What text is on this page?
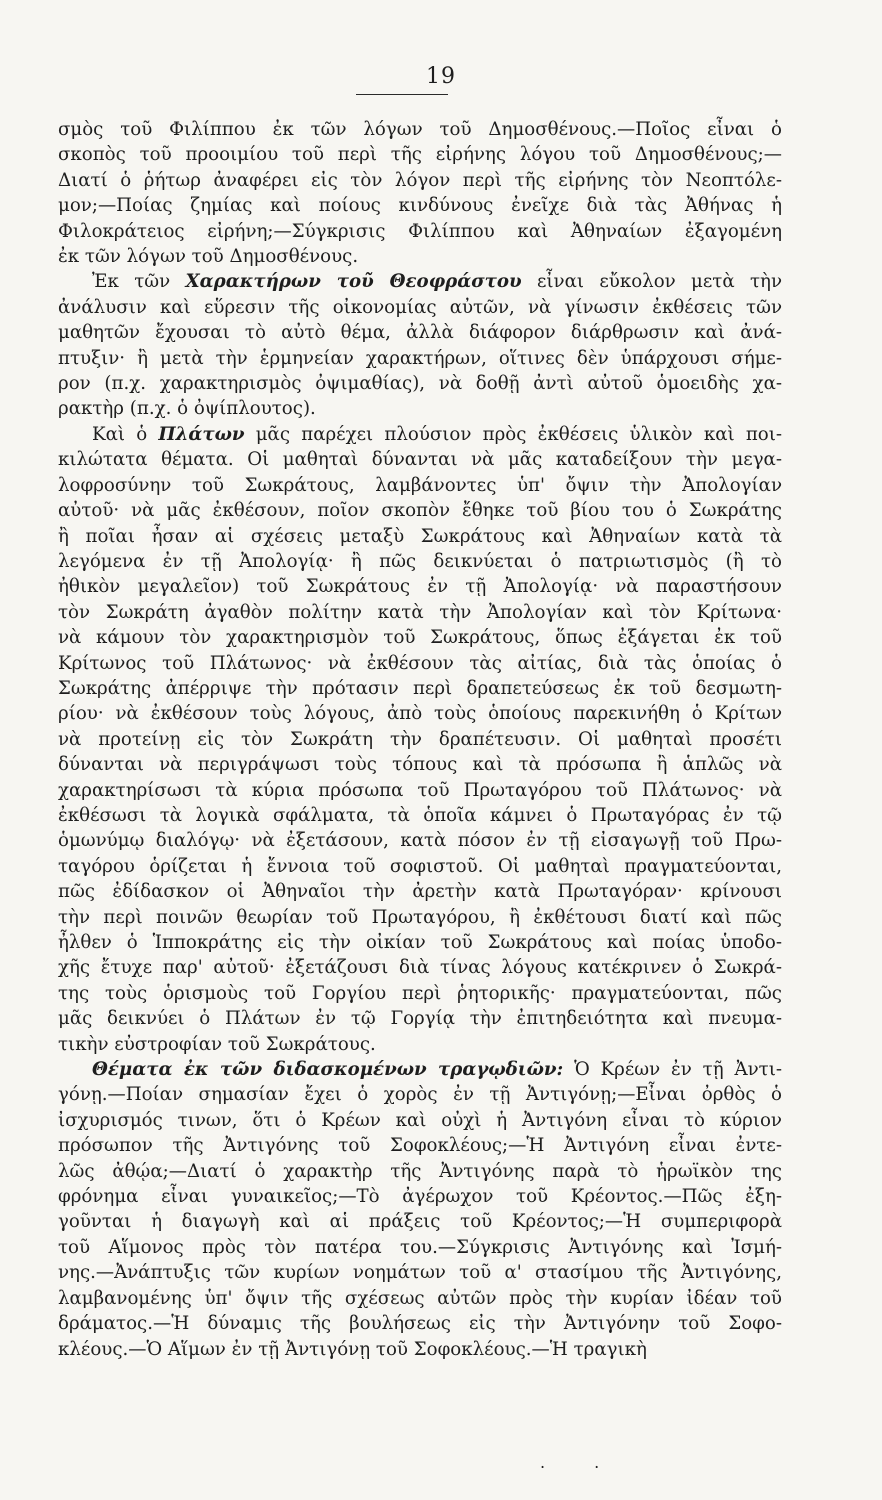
19
σμὸς τοῦ Φιλίππου ἐκ τῶν λόγων τοῦ Δημοσθένους.—Ποῖος εἶναι ὁ
σκοπὸς τοῦ προοιμίου τοῦ περὶ τῆς εἰρήνης λόγου τοῦ Δημοσθένους;—
Διατί ὁ ῥήτωρ ἀναφέρει εἰς τὸν λόγον περὶ τῆς εἰρήνης τὸν Νεοπτόλε-
μον;—Ποίας ζημίας καὶ ποίους κινδύνους ἐνεῖχε διὰ τὰς Ἀθήνας ἡ
Φιλοκράτειος εἰρήνη;—Σύγκρισις Φιλίππου καὶ Ἀθηναίων ἐξαγομένη
ἐκ τῶν λόγων τοῦ Δημοσθένους.
Ἐκ τῶν Χαρακτήρων τοῦ Θεοφράστου εἶναι εὔκολον μετὰ τὴν
ἀνάλυσιν καὶ εὕρεσιν τῆς οἰκονομίας αὐτῶν, νὰ γίνωσιν ἐκθέσεις τῶν
μαθητῶν ἔχουσαι τὸ αὐτὸ θέμα, ἀλλὰ διάφορον διάρθρωσιν καὶ ἀνά-
πτυξιν· ἢ μετὰ τὴν ἑρμηνείαν χαρακτήρων, οἵτινες δὲν ὑπάρχουσι σήμε-
ρον (π.χ. χαρακτηρισμὸς ὀψιμαθίας), νὰ δοθῇ ἀντὶ αὐτοῦ ὁμοειδὴς χα-
ρακτὴρ (π.χ. ὁ ὀψίπλουτος).
Καὶ ὁ Πλάτων μᾶς παρέχει πλούσιον πρὸς ἐκθέσεις ὑλικὸν καὶ ποι-
κιλώτατα θέματα. Οἱ μαθηταὶ δύνανται νὰ μᾶς καταδείξουν τὴν μεγα-
λοφροσύνην τοῦ Σωκράτους, λαμβάνοντες ὑπ' ὄψιν τὴν Ἀπολογίαν
αὐτοῦ· νὰ μᾶς ἐκθέσουν, ποῖον σκοπὸν ἔθηκε τοῦ βίου του ὁ Σωκράτης
ἢ ποῖαι ἦσαν αἱ σχέσεις μεταξὺ Σωκράτους καὶ Ἀθηναίων κατὰ τὰ
λεγόμενα ἐν τῇ Ἀπολογίᾳ· ἢ πῶς δεικνύεται ὁ πατριωτισμὸς (ἢ τὸ
ἠθικὸν μεγαλεῖον) τοῦ Σωκράτους ἐν τῇ Ἀπολογίᾳ· νὰ παραστήσουν
τὸν Σωκράτη ἀγαθὸν πολίτην κατὰ τὴν Ἀπολογίαν καὶ τὸν Κρίτωνα·
νὰ κάμουν τὸν χαρακτηρισμὸν τοῦ Σωκράτους, ὅπως ἐξάγεται ἐκ τοῦ
Κρίτωνος τοῦ Πλάτωνος· νὰ ἐκθέσουν τὰς αἰτίας, διὰ τὰς ὁποίας ὁ
Σωκράτης ἀπέρριψε τὴν πρότασιν περὶ δραπετεύσεως ἐκ τοῦ δεσμωτη-
ρίου· νὰ ἐκθέσουν τοὺς λόγους, ἀπὸ τοὺς ὁποίους παρεκινήθη ὁ Κρίτων
νὰ προτείνῃ εἰς τὸν Σωκράτη τὴν δραπέτευσιν. Οἱ μαθηταὶ προσέτι
δύνανται νὰ περιγράψωσι τοὺς τόπους καὶ τὰ πρόσωπα ἢ ἁπλῶς νὰ
χαρακτηρίσωσι τὰ κύρια πρόσωπα τοῦ Πρωταγόρου τοῦ Πλάτωνος· νὰ
ἐκθέσωσι τὰ λογικὰ σφάλματα, τὰ ὁποῖα κάμνει ὁ Πρωταγόρας ἐν τῷ
ὁμωνύμῳ διαλόγῳ· νὰ ἐξετάσουν, κατὰ πόσον ἐν τῇ εἰσαγωγῇ τοῦ Πρω-
ταγόρου ὁρίζεται ἡ ἔννοια τοῦ σοφιστοῦ. Οἱ μαθηταὶ πραγματεύονται,
πῶς ἐδίδασκον οἱ Ἀθηναῖοι τὴν ἀρετὴν κατὰ Πρωταγόραν· κρίνουσι
τὴν περὶ ποινῶν θεωρίαν τοῦ Πρωταγόρου, ἢ ἐκθέτουσι διατί καὶ πῶς
ἦλθεν ὁ Ἱπποκράτης εἰς τὴν οἰκίαν τοῦ Σωκράτους καὶ ποίας ὑποδο-
χῆς ἔτυχε παρ' αὐτοῦ· ἐξετάζουσι διὰ τίνας λόγους κατέκρινεν ὁ Σωκρά-
της τοὺς ὁρισμοὺς τοῦ Γοργίου περὶ ῥητορικῆς· πραγματεύονται, πῶς
μᾶς δεικνύει ὁ Πλάτων ἐν τῷ Γοργίᾳ τὴν ἐπιτηδειότητα καὶ πνευμα-
τικὴν εὐστροφίαν τοῦ Σωκράτους.
Θέματα ἐκ τῶν διδασκομένων τραγῳδιῶν: Ὁ Κρέων ἐν τῇ Ἀντι-
γόνῃ.—Ποίαν σημασίαν ἔχει ὁ χορὸς ἐν τῇ Ἀντιγόνῃ;—Εἶναι ὀρθὸς ὁ
ἰσχυρισμός τινων, ὅτι ὁ Κρέων καὶ οὐχὶ ἡ Ἀντιγόνη εἶναι τὸ κύριον
πρόσωπον τῆς Ἀντιγόνης τοῦ Σοφοκλέους;—Ἡ Ἀντιγόνη εἶναι ἐντε-
λῶς ἀθῴα;—Διατί ὁ χαρακτὴρ τῆς Ἀντιγόνης παρὰ τὸ ἡρωϊκὸν της
φρόνημα εἶναι γυναικεῖος;—Τὸ ἀγέρωχον τοῦ Κρέοντος.—Πῶς ἐξη-
γοῦνται ἡ διαγωγὴ καὶ αἱ πράξεις τοῦ Κρέοντος;—Ἡ συμπεριφορὰ
τοῦ Αἵμονος πρὸς τὸν πατέρα του.—Σύγκρισις Ἀντιγόνης καὶ Ἰσμή-
νης.—Ἀνάπτυξις τῶν κυρίων νοημάτων τοῦ α' στασίμου τῆς Ἀντιγόνης,
λαμβανομένης ὑπ' ὄψιν τῆς σχέσεως αὐτῶν πρὸς τὴν κυρίαν ἰδέαν τοῦ
δράματος.—Ἡ δύναμις τῆς βουλήσεως εἰς τὴν Ἀντιγόνην τοῦ Σοφο-
κλέους.—Ὁ Αἵμων ἐν τῇ Ἀντιγόνῃ τοῦ Σοφοκλέους.—Ἡ τραγικὴ
. .
